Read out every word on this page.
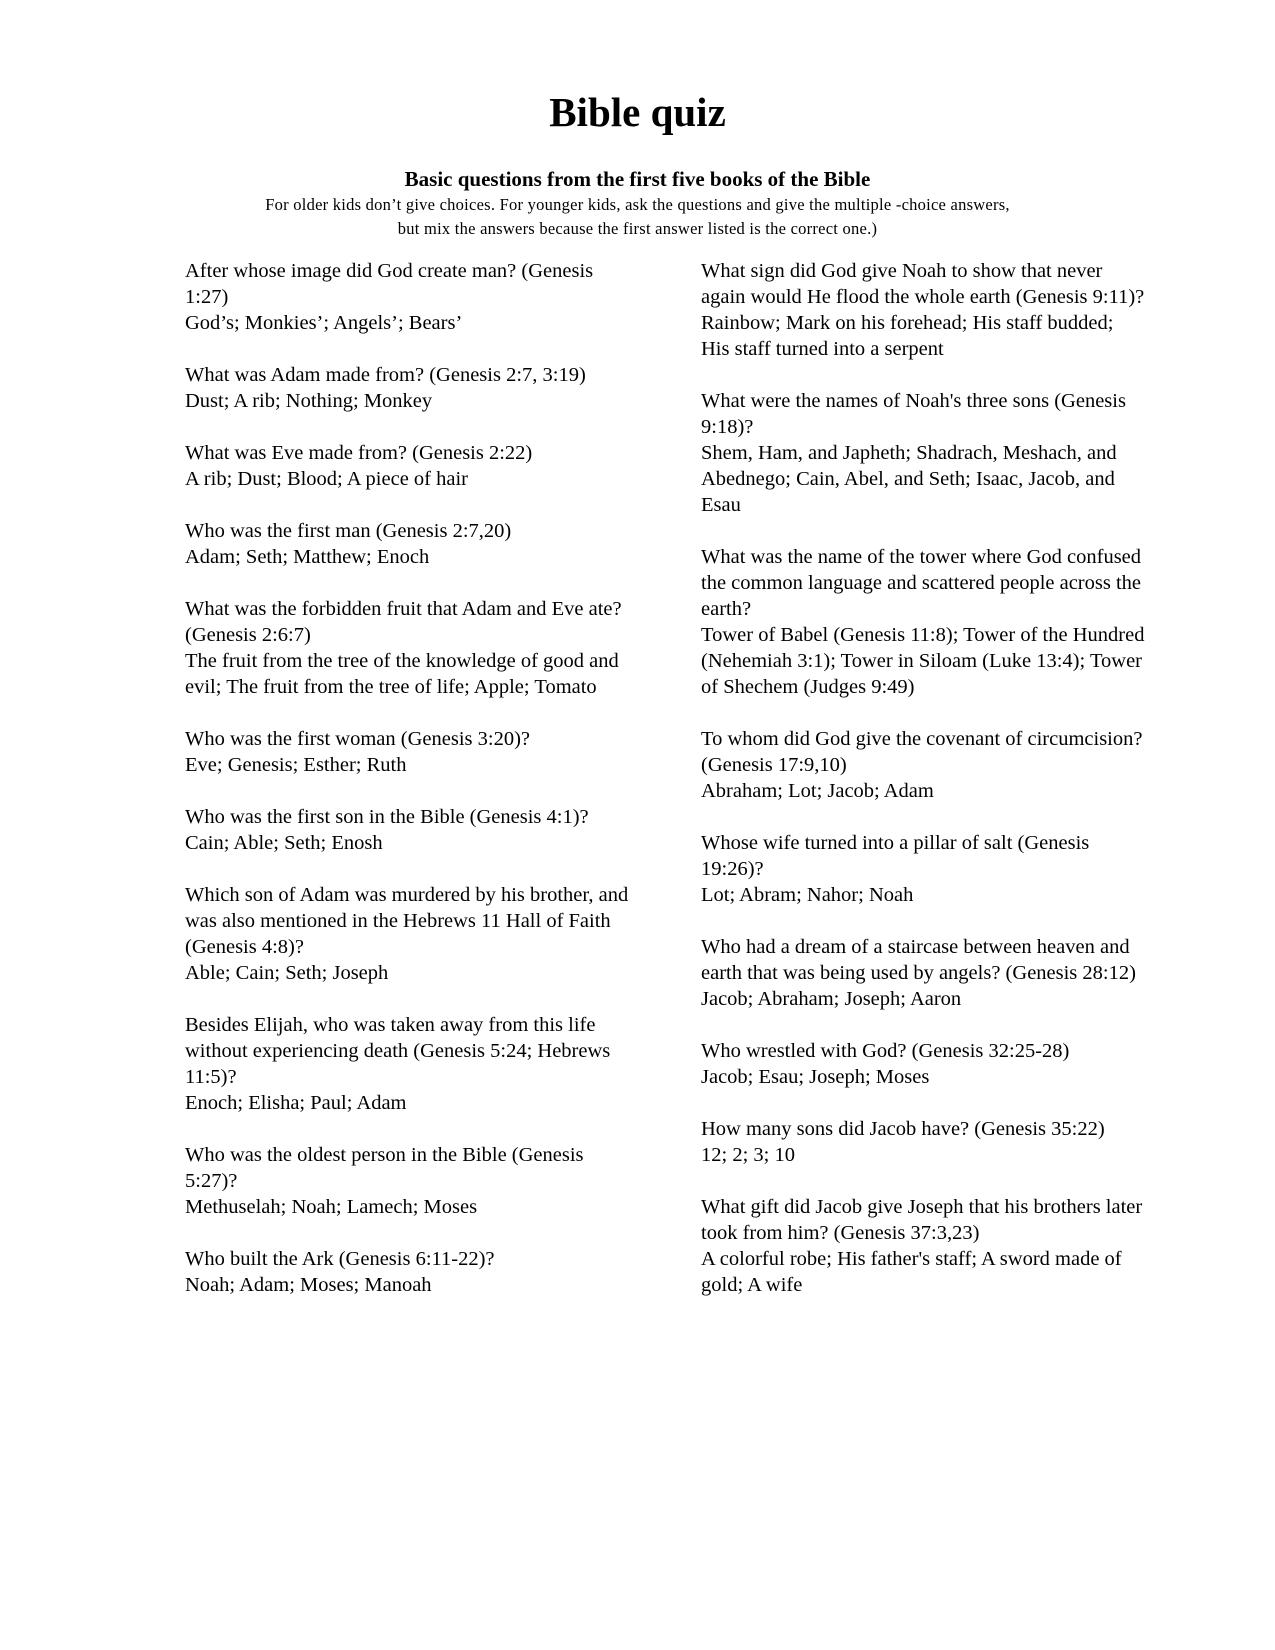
Bible quiz
Basic questions from the first five books of the Bible
For older kids don’t give choices. For younger kids, ask the questions and give the multiple -choice answers,
but mix the answers because the first answer listed is the correct one.)

After whose image did God create man? (Genesis 1:27)

God’s; Monkies’; Angels’; Bears’

What was Adam made from? (Genesis 2:7, 3:19)

Dust; A rib; Nothing; Monkey

What was Eve made from? (Genesis 2:22)

A rib; Dust; Blood; A piece of hair

Who was the first man (Genesis 2:7,20)

Adam; Seth; Matthew; Enoch

What was the forbidden fruit that Adam and Eve ate? (Genesis 2:6:7)

The fruit from the tree of the knowledge of good and evil; The fruit from the tree of life; Apple; Tomato

Who was the first woman (Genesis 3:20)?

Eve; Genesis; Esther; Ruth

Who was the first son in the Bible (Genesis 4:1)?

Cain; Able; Seth; Enosh

Which son of Adam was murdered by his brother, and was also mentioned in the Hebrews 11 Hall of Faith (Genesis 4:8)?

Able; Cain; Seth; Joseph

Besides Elijah, who was taken away from this life without experiencing death (Genesis 5:24; Hebrews 11:5)?

Enoch; Elisha; Paul; Adam

Who was the oldest person in the Bible (Genesis 5:27)?

Methuselah; Noah; Lamech; Moses

Who built the Ark (Genesis 6:11-22)?

Noah; Adam; Moses; Manoah

What sign did God give Noah to show that never again would He flood the whole earth (Genesis 9:11)?

Rainbow; Mark on his forehead; His staff budded; His staff turned into a serpent

What were the names of Noah's three sons (Genesis 9:18)?

Shem, Ham, and Japheth; Shadrach, Meshach, and Abednego; Cain, Abel, and Seth; Isaac, Jacob, and Esau

What was the name of the tower where God confused the common language and scattered people across the earth?

Tower of Babel (Genesis 11:8); Tower of the Hundred (Nehemiah 3:1); Tower in Siloam (Luke 13:4); Tower of Shechem (Judges 9:49)

To whom did God give the covenant of circumcision? (Genesis 17:9,10)

Abraham; Lot; Jacob; Adam

Whose wife turned into a pillar of salt (Genesis 19:26)?

Lot; Abram; Nahor; Noah

Who had a dream of a staircase between heaven and earth that was being used by angels? (Genesis 28:12)

Jacob; Abraham; Joseph; Aaron

Who wrestled with God? (Genesis 32:25-28)

Jacob; Esau; Joseph; Moses

How many sons did Jacob have? (Genesis 35:22)

12; 2; 3; 10

What gift did Jacob give Joseph that his brothers later took from him? (Genesis 37:3,23)

A colorful robe; His father's staff; A sword made of gold; A wife
